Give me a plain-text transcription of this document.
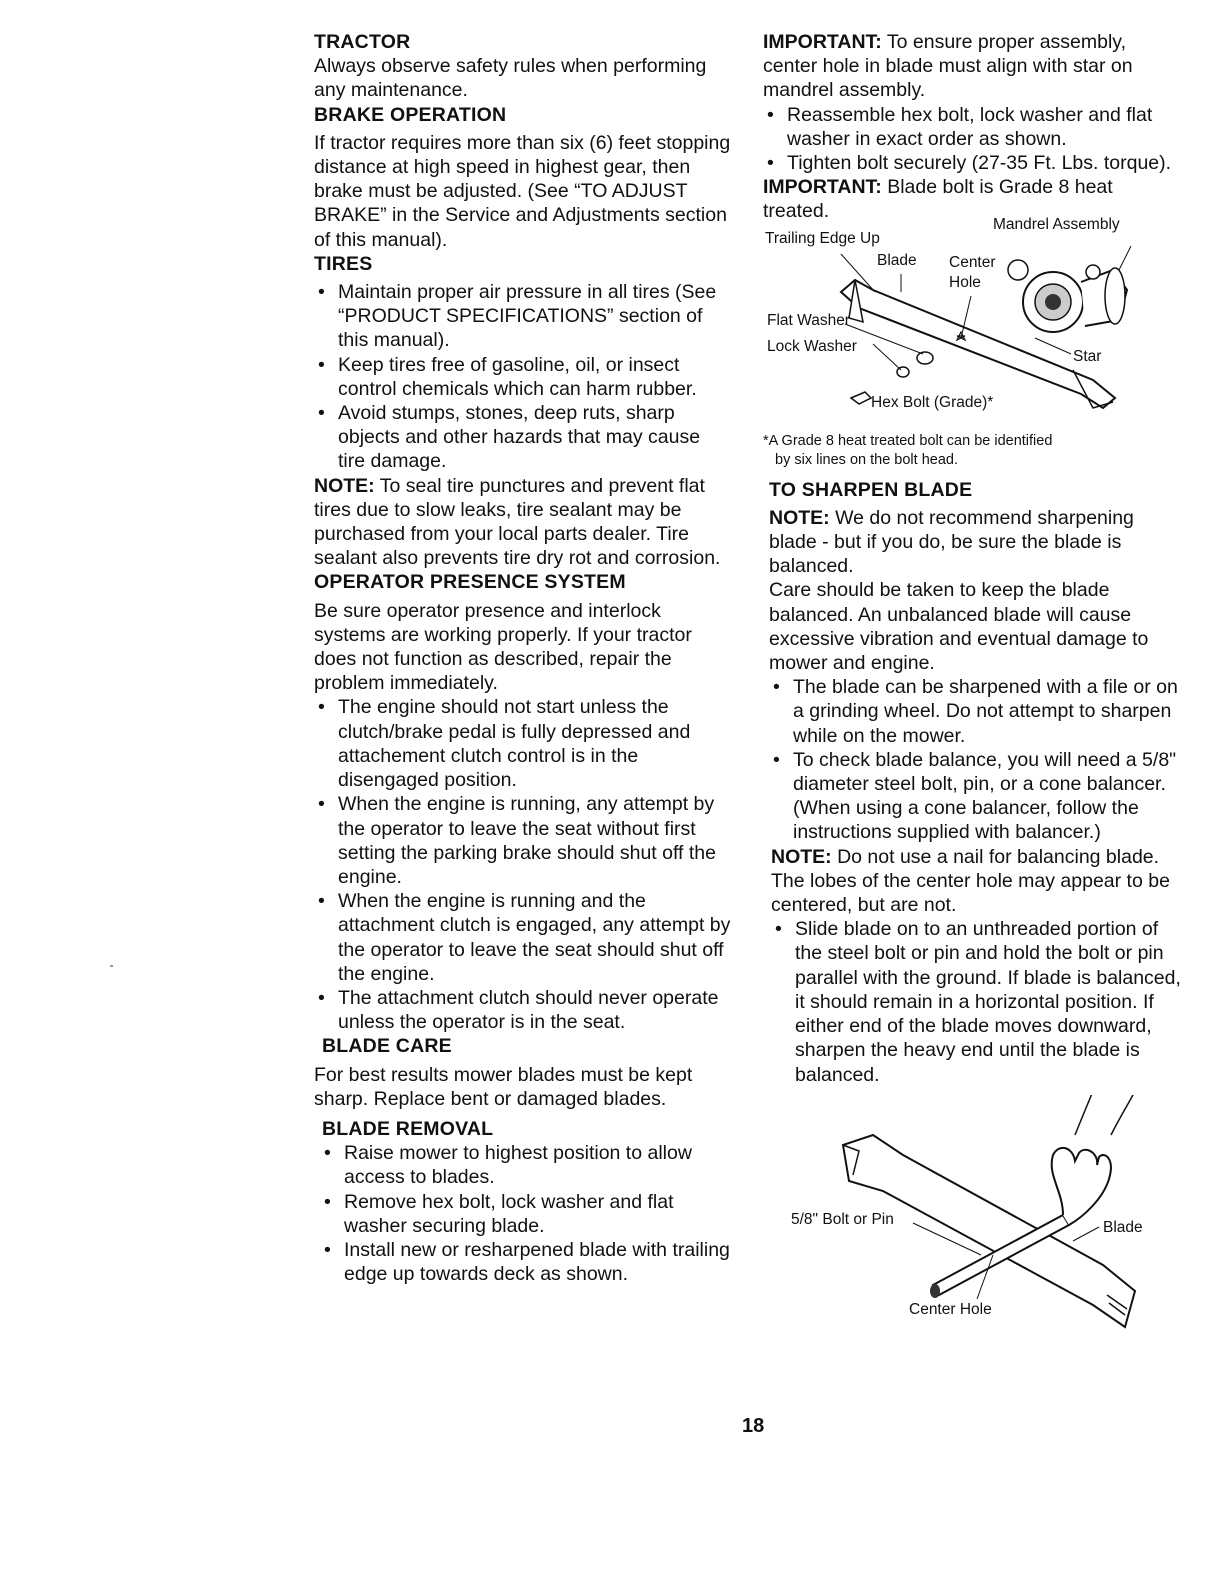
TRACTOR

Always observe safety rules when performing any maintenance.

BRAKE OPERATION

If tractor requires more than six (6) feet stopping distance at high speed in highest gear, then brake must be adjusted. (See “TO ADJUST BRAKE” in the Service and Adjustments section of this manual).

TIRES
• Maintain proper air pressure in all tires (See “PRODUCT SPECIFICATIONS” section of this manual).
• Keep tires free of gasoline, oil, or insect control chemicals which can harm rubber.
• Avoid stumps, stones, deep ruts, sharp objects and other hazards that may cause tire damage.

NOTE: To seal tire punctures and prevent flat tires due to slow leaks, tire sealant may be purchased from your local parts dealer. Tire sealant also prevents tire dry rot and corrosion.

OPERATOR PRESENCE SYSTEM

Be sure operator presence and interlock systems are working properly. If your tractor does not function as described, repair the problem immediately.

• The engine should not start unless the clutch/brake pedal is fully depressed and attachement clutch control is in the disengaged position.
• When the engine is running, any attempt by the operator to leave the seat without first setting the parking brake should shut off the engine.
• When the engine is running and the attachment clutch is engaged, any attempt by the operator to leave the seat should shut off the engine.
• The attachment clutch should never operate unless the operator is in the seat.
BLADE CARE

For best results mower blades must be kept sharp. Replace bent or damaged blades.

BLADE REMOVAL
• Raise mower to highest position to allow access to blades.
• Remove hex bolt, lock washer and flat washer securing blade.
• Install new or resharpened blade with trailing edge up towards deck as shown.

IMPORTANT: To ensure proper assembly, center hole in blade must align with star on mandrel assembly.

• Reassemble hex bolt, lock washer and flat washer in exact order as shown.
• Tighten bolt securely (27-35 Ft. Lbs. torque).

IMPORTANT: Blade bolt is Grade 8 heat treated.

Trailing Edge Up
Mandrel Assembly
Blade Center
Hole
Flat Washer
Lock Washer
Star
Hex Bolt (Grade)*

*A Grade 8 heat treated bolt can be identified
by six lines on the bolt head.

TO SHARPEN BLADE

NOTE: We do not recommend sharpening blade - but if you do, be sure the blade is balanced.

Care should be taken to keep the blade balanced. An unbalanced blade will cause excessive vibration and eventual damage to mower and engine.

• The blade can be sharpened with a file or on a grinding wheel. Do not attempt to sharpen while on the mower.
• To check blade balance, you will need a 5/8" diameter steel bolt, pin, or a cone balancer. (When using a cone balancer, follow the instructions supplied with balancer.)

NOTE: Do not use a nail for balancing blade. The lobes of the center hole may appear to be centered, but are not.

• Slide blade on to an unthreaded portion of the steel bolt or pin and hold the bolt or pin parallel with the ground. If blade is balanced, it should remain in a horizontal position. If either end of the blade moves downward, sharpen the heavy end until the blade is balanced.
5/8" Bolt or Pin	Blade
Center Hole
18
